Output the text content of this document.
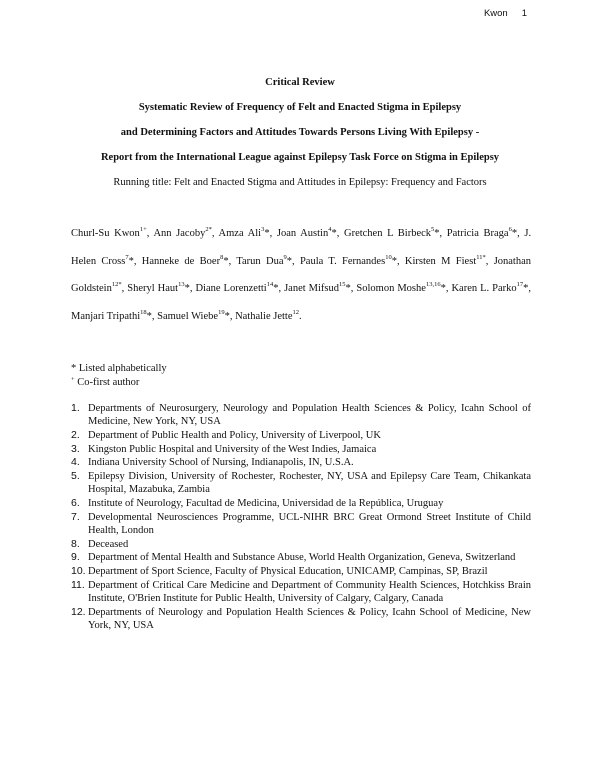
Kwon 1
Critical Review
Systematic Review of Frequency of Felt and Enacted Stigma in Epilepsy
and Determining Factors and Attitudes Towards Persons Living With Epilepsy -
Report from the International League against Epilepsy Task Force on Stigma in Epilepsy
Running title: Felt and Enacted Stigma and Attitudes in Epilepsy: Frequency and Factors
Churl-Su Kwon$^{1+}$, Ann Jacoby$^{2*}$, Amza Ali$^3$*, Joan Austin$^4$*, Gretchen L Birbeck$^5$*, Patricia Braga$^6$*, J. Helen Cross$^7$*, Hanneke de Boer$^8$*, Tarun Dua$^9$*, Paula T. Fernandes$^{10}$*, Kirsten M Fiest$^{11*}$, Jonathan Goldstein$^{12*}$, Sheryl Haut$^{13}$*, Diane Lorenzetti$^{14}$*, Janet Mifsud$^{15}$*, Solomon Moshe$^{13,16}$*, Karen L. Parko$^{17}$*, Manjari Tripathi$^{18}$*, Samuel Wiebe$^{19}$*, Nathalie Jette$^{12}$.
* Listed alphabetically
+ Co-first author
1. Departments of Neurosurgery, Neurology and Population Health Sciences & Policy, Icahn School of Medicine, New York, NY, USA
2. Department of Public Health and Policy, University of Liverpool, UK
3. Kingston Public Hospital and University of the West Indies, Jamaica
4. Indiana University School of Nursing, Indianapolis, IN, U.S.A.
5. Epilepsy Division, University of Rochester, Rochester, NY, USA and Epilepsy Care Team, Chikankata Hospital, Mazabuka, Zambia
6. Institute of Neurology, Facultad de Medicina, Universidad de la República, Uruguay
7. Developmental Neurosciences Programme, UCL-NIHR BRC Great Ormond Street Institute of Child Health, London
8. Deceased
9. Department of Mental Health and Substance Abuse, World Health Organization, Geneva, Switzerland
10. Department of Sport Science, Faculty of Physical Education, UNICAMP, Campinas, SP, Brazil
11. Department of Critical Care Medicine and Department of Community Health Sciences, Hotchkiss Brain Institute, O'Brien Institute for Public Health, University of Calgary, Calgary, Canada
12. Departments of Neurology and Population Health Sciences & Policy, Icahn School of Medicine, New York, NY, USA
